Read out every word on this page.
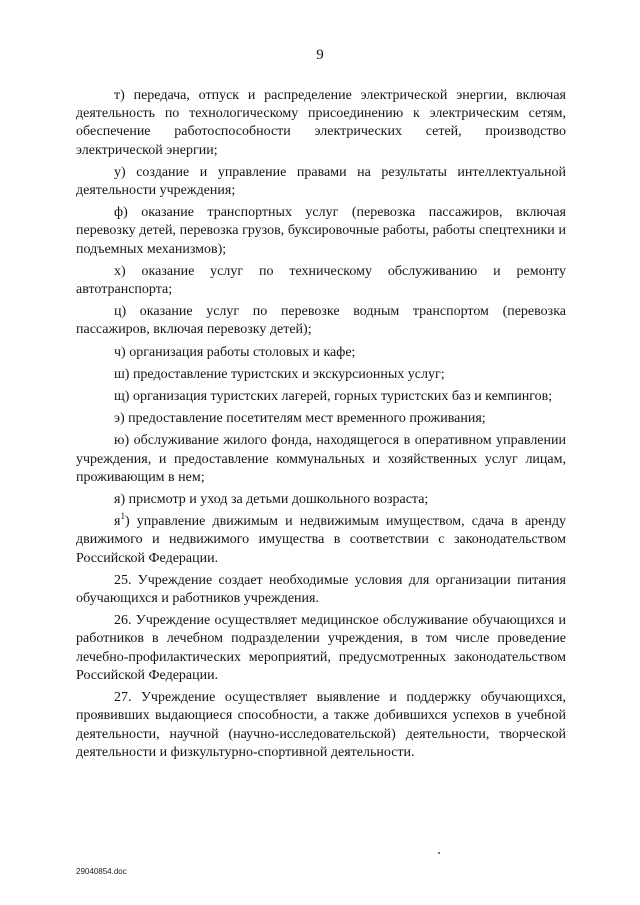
9

т) передача, отпуск и распределение электрической энергии, включая деятельность по технологическому присоединению к электрическим сетям, обеспечение работоспособности электрических сетей, производство электрической энергии;

у) создание и управление правами на результаты интеллектуальной деятельности учреждения;

ф) оказание транспортных услуг (перевозка пассажиров, включая перевозку детей, перевозка грузов, буксировочные работы, работы спецтехники и подъемных механизмов);

х) оказание услуг по техническому обслуживанию и ремонту автотранспорта;

ц) оказание услуг по перевозке водным транспортом (перевозка пассажиров, включая перевозку детей);

ч) организация работы столовых и кафе;

ш) предоставление туристских и экскурсионных услуг;

щ) организация туристских лагерей, горных туристских баз и кемпингов;

э) предоставление посетителям мест временного проживания;

ю) обслуживание жилого фонда, находящегося в оперативном управлении учреждения, и предоставление коммунальных и хозяйственных услуг лицам, проживающим в нем;

я) присмотр и уход за детьми дошкольного возраста;

$я^1$) управление движимым и недвижимым имуществом, сдача в аренду движимого и недвижимого имущества в соответствии с законодательством Российской Федерации.

25. Учреждение создает необходимые условия для организации питания обучающихся и работников учреждения.

26. Учреждение осуществляет медицинское обслуживание обучающихся и работников в лечебном подразделении учреждения, в том числе проведение лечебно-профилактических мероприятий, предусмотренных законодательством Российской Федерации.

27. Учреждение осуществляет выявление и поддержку обучающихся, проявивших выдающиеся способности, а также добившихся успехов в учебной деятельности, научной (научно-исследовательской) деятельности, творческой деятельности и физкультурно-спортивной деятельности.

29040854.doc
